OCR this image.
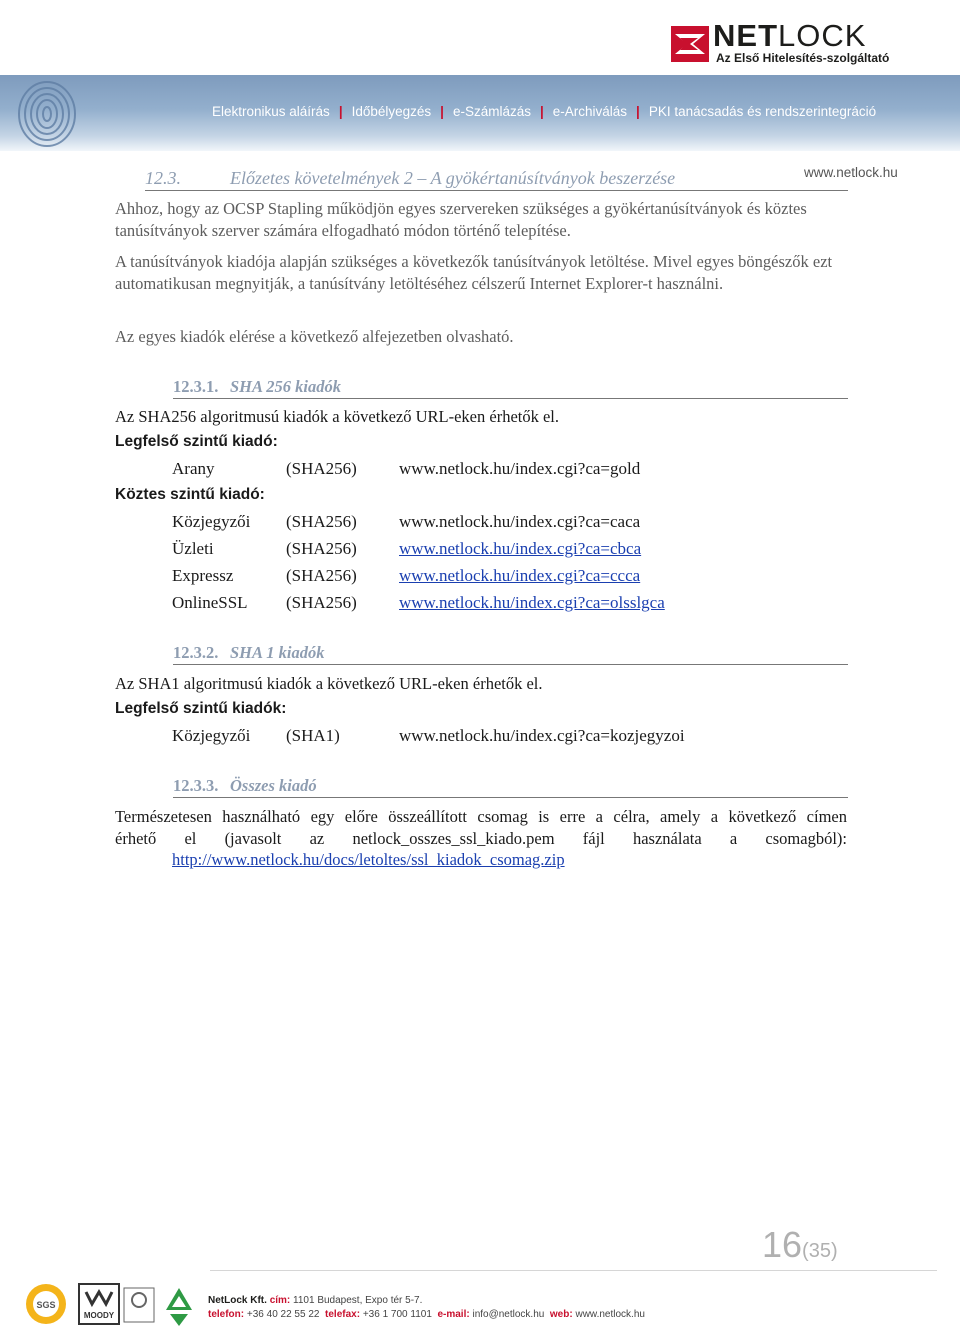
NETLOCK
Az Első Hitelesítés-szolgáltató
Elektronikus aláírás | Időbélyegzés | e-Számlázás | e-Archiválás | PKI tanácsadás és rendszerintegráció
www.netlock.hu
12.3.	Előzetes követelmények 2 – A gyökértanúsítványok beszerzése

Ahhoz, hogy az OCSP Stapling működjön egyes szervereken szükséges a gyökértanúsítványok és köztes tanúsítványok szerver számára elfogadható módon történő telepítése.

A tanúsítványok kiadója alapján szükséges a következők tanúsítványok letöltése. Mivel egyes böngészők ezt automatikusan megnyitják, a tanúsítvány letöltéséhez célszerű Internet Explorer-t használni.

Az egyes kiadók elérése a következő alfejezetben olvasható.

12.3.1. SHA 256 kiadók

Az SHA256 algoritmusú kiadók a következő URL-eken érhetők el.

Legfelső szintű kiadó:
Arany	(SHA256) www.netlock.hu/index.cgi?ca=gold
Köztes szintű kiadó:
Közjegyzői (SHA256) www.netlock.hu/index.cgi?ca=caca
Üzleti	(SHA256) www.netlock.hu/index.cgi?ca=cbca
Expressz	(SHA256) www.netlock.hu/index.cgi?ca=ccca
OnlineSSL (SHA256) www.netlock.hu/index.cgi?ca=olsslgca
12.3.2. SHA 1 kiadók

Az SHA1 algoritmusú kiadók a következő URL-eken érhetők el.

Legfelső szintű kiadók:
Közjegyzői (SHA1)	www.netlock.hu/index.cgi?ca=kozjegyzoi
12.3.3. Összes kiadó
Természetesen használható egy előre összeállított csomag is erre a célra, amely a következő címen
érhető el (javasolt az netlock_osszes_ssl_kiado.pem fájl használata a csomagból):
http://www.netlock.hu/docs/letoltes/ssl_kiadok_csomag.zip
16(35)
SGS
MOODY
NetLock Kft. cím: 1101 Budapest, Expo tér 5-7.
telefon: +36 40 22 55 22 telefax: +36 1 700 1101 e-mail: info@netlock.hu web: www.netlock.hu
